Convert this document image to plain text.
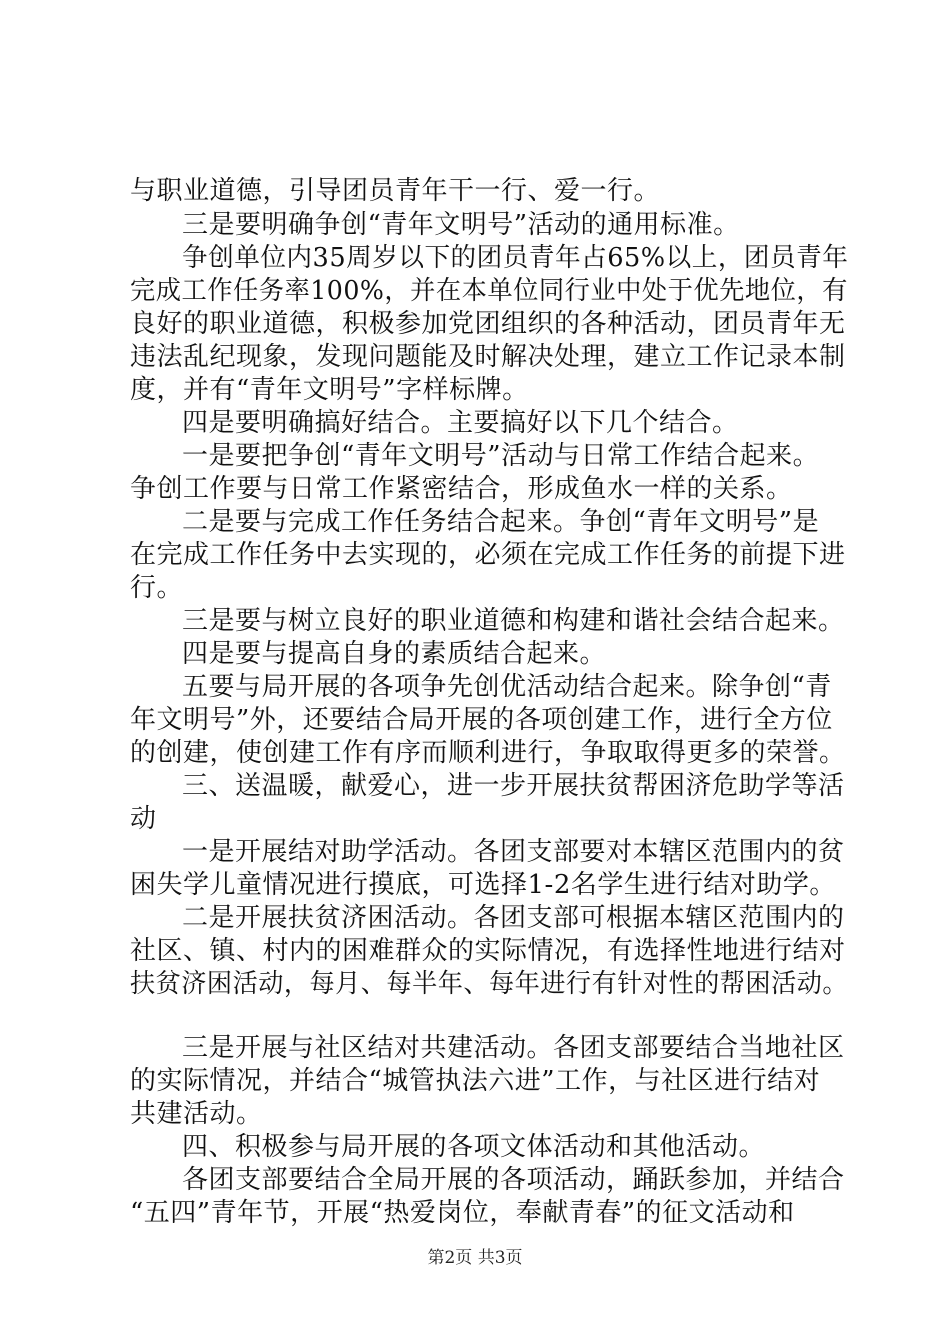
与职业道德，引导团员青年干一行、爱一行。
三是要明确争创“青年文明号”活动的通用标准。
争创单位内35周岁以下的团员青年占65%以上，团员青年
完成工作任务率100%，并在本单位同行业中处于优先地位，有
良好的职业道德，积极参加党团组织的各种活动，团员青年无
违法乱纪现象，发现问题能及时解决处理，建立工作记录本制
度，并有“青年文明号”字样标牌。
四是要明确搞好结合。主要搞好以下几个结合。
一是要把争创“青年文明号”活动与日常工作结合起来。
争创工作要与日常工作紧密结合，形成鱼水一样的关系。
二是要与完成工作任务结合起来。争创“青年文明号”是
在完成工作任务中去实现的，必须在完成工作任务的前提下进
行。
三是要与树立良好的职业道德和构建和谐社会结合起来。
四是要与提高自身的素质结合起来。
五要与局开展的各项争先创优活动结合起来。除争创“青
年文明号”外，还要结合局开展的各项创建工作，进行全方位
的创建，使创建工作有序而顺利进行，争取取得更多的荣誉。
三、送温暖，献爱心，进一步开展扶贫帮困济危助学等活
动
一是开展结对助学活动。各团支部要对本辖区范围内的贫
困失学儿童情况进行摸底，可选择1-2名学生进行结对助学。
二是开展扶贫济困活动。各团支部可根据本辖区范围内的
社区、镇、村内的困难群众的实际情况，有选择性地进行结对
扶贫济困活动，每月、每半年、每年进行有针对性的帮困活动。
三是开展与社区结对共建活动。各团支部要结合当地社区
的实际情况，并结合“城管执法六进”工作，与社区进行结对
共建活动。
四、积极参与局开展的各项文体活动和其他活动。
各团支部要结合全局开展的各项活动，踊跃参加，并结合
“五四”青年节，开展“热爱岗位，奉献青春”的征文活动和
第2页 共3页
